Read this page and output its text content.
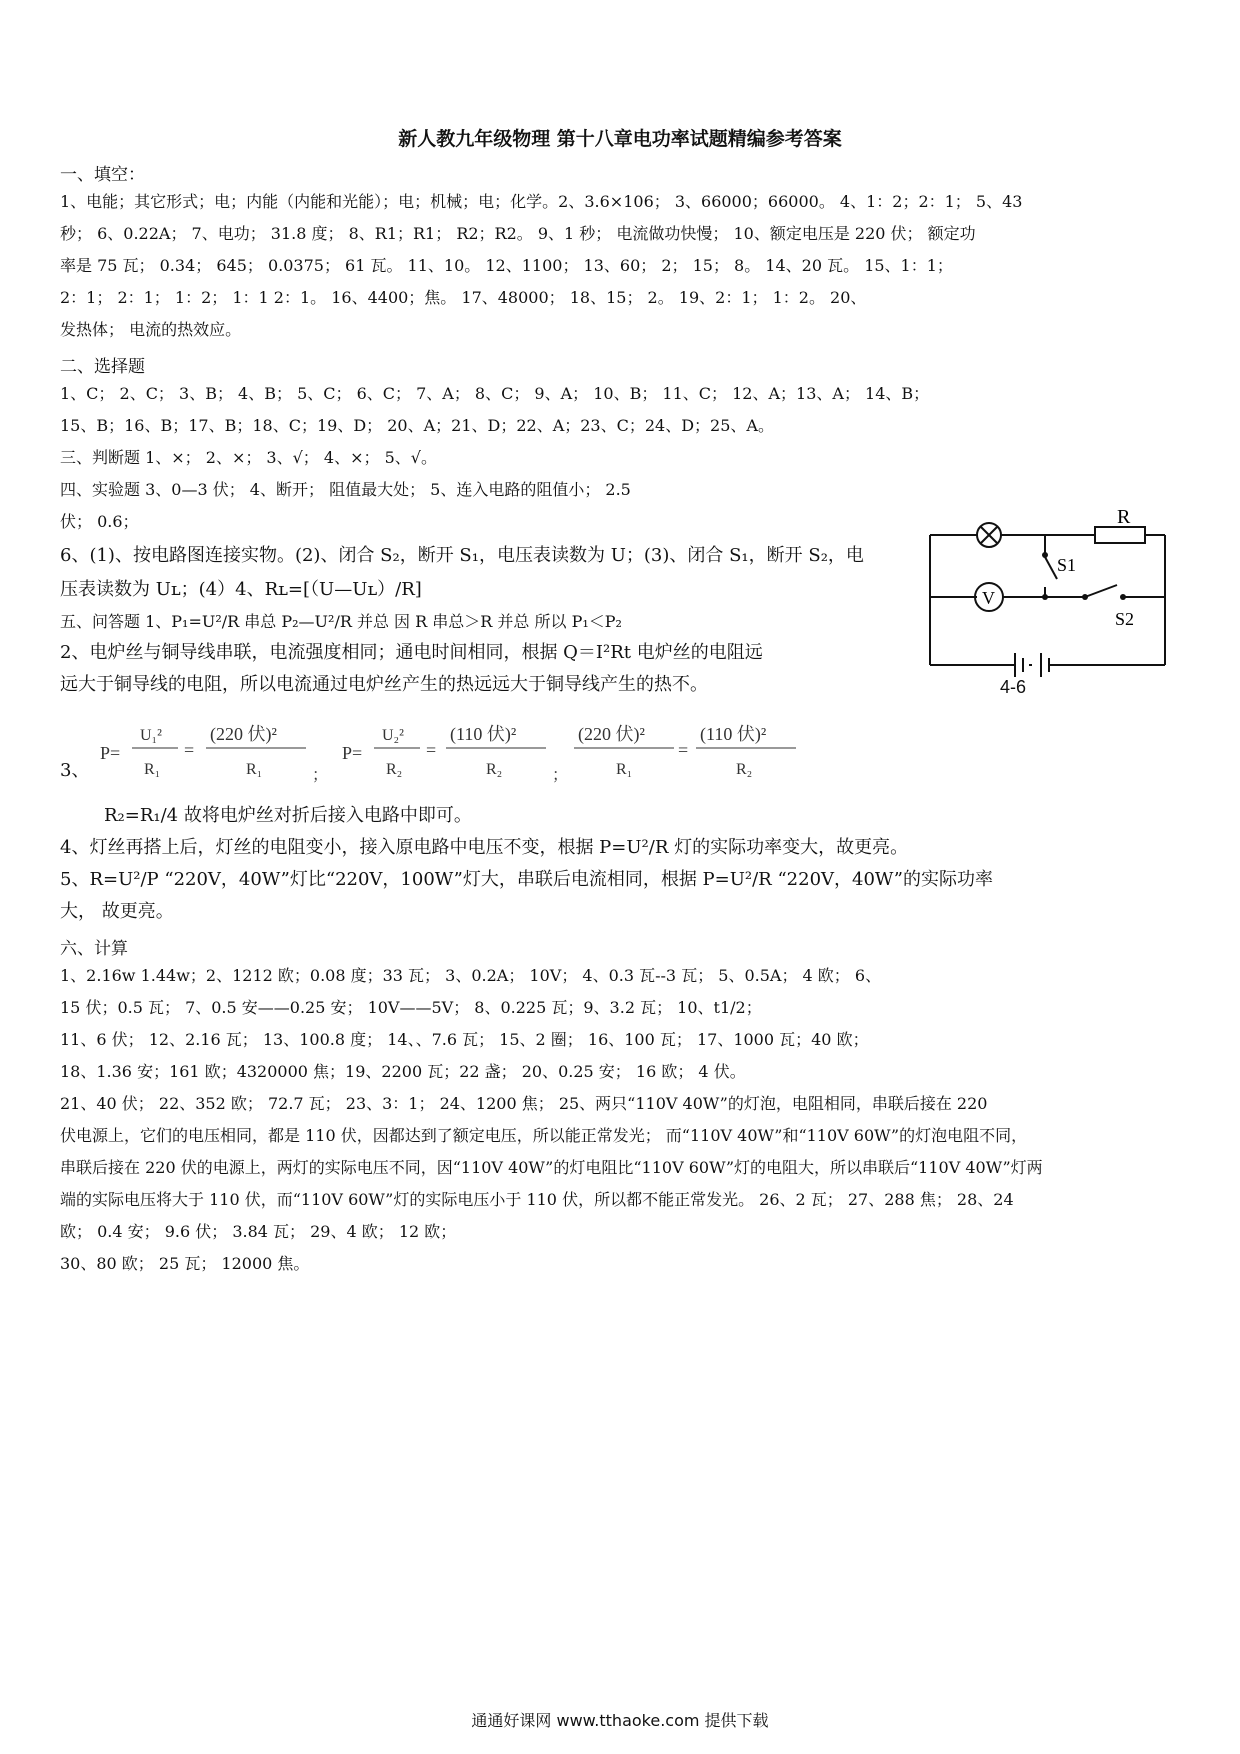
新人教九年级物理 第十八章电功率试题精编参考答案
一、填空：
1、电能；其它形式；电；内能（内能和光能）；电；机械；电；化学。2、3.6×106； 3、66000；66000。 4、1：2；2：1； 5、43
秒； 6、0.22A； 7、电功； 31.8 度； 8、R1；R1； R2；R2。 9、1 秒； 电流做功快慢； 10、额定电压是 220 伏； 额定功
率是 75 瓦； 0.34； 645； 0.0375； 61 瓦。 11、10。 12、1100； 13、60； 2； 15； 8。 14、20 瓦。 15、1：1；
2：1； 2：1； 1：2； 1：1 2：1。 16、4400；焦。 17、48000； 18、15； 2。 19、2：1； 1：2。 20、
发热体； 电流的热效应。
二、选择题
1、C； 2、C； 3、B； 4、B； 5、C； 6、C； 7、A； 8、C； 9、A； 10、B； 11、C； 12、A；13、A； 14、B；
15、B；16、B；17、B；18、C；19、D； 20、A；21、D；22、A；23、C；24、D；25、A。
三、判断题 1、×； 2、×； 3、√； 4、×； 5、√。
四、实验题 3、0—3 伏； 4、断开； 阻值最大处； 5、连入电路的阻值小； 2.5
伏； 0.6；
6、(1)、按电路图连接实物。(2)、闭合 S₂，断开 S₁，电压表读数为 U；(3)、闭合 S₁，断开 S₂，电
压表读数为 Uʟ；(4）4、Rʟ=[（U—Uʟ）/R]
R
S1
S2
V
4-6
五、问答题 1、P₁=U²/R 串总 P₂—U²/R 并总 因 R 串总＞R 并总 所以 P₁＜P₂
2、电炉丝与铜导线串联，电流强度相同；通电时间相同，根据 Q＝I²Rt 电炉丝的电阻远
远大于铜导线的电阻，所以电流通过电炉丝产生的热远远大于铜导线产生的热不。
3、
P=
U₁²
R₁
=
(220 伏)²
R₁	；
P=
U₂²
R₂
=
(110 伏)²
R₂	；
(220 伏)²
R₁
=
(110 伏)²
R₂
R₂=R₁/4 故将电炉丝对折后接入电路中即可。
4、灯丝再搭上后，灯丝的电阻变小，接入原电路中电压不变，根据 P=U²/R 灯的实际功率变大，故更亮。
5、R=U²/P “220V，40W”灯比“220V，100W”灯大，串联后电流相同，根据 P=U²/R “220V，40W”的实际功率
大， 故更亮。
六、计算
1、2.16w 1.44w；2、1212 欧；0.08 度；33 瓦； 3、0.2A； 10V； 4、0.3 瓦--3 瓦； 5、0.5A； 4 欧； 6、
15 伏；0.5 瓦； 7、0.5 安——0.25 安； 10V——5V； 8、0.225 瓦；9、3.2 瓦； 10、t1/2；
11、6 伏； 12、2.16 瓦； 13、100.8 度； 14、、7.6 瓦； 15、2 圈； 16、100 瓦； 17、1000 瓦；40 欧；
18、1.36 安；161 欧；4320000 焦；19、2200 瓦；22 盏； 20、0.25 安； 16 欧； 4 伏。
21、40 伏； 22、352 欧； 72.7 瓦； 23、3：1； 24、1200 焦； 25、两只“110V 40W”的灯泡，电阻相同，串联后接在 220
伏电源上，它们的电压相同，都是 110 伏，因都达到了额定电压，所以能正常发光； 而“110V 40W”和“110V 60W”的灯泡电阻不同，
串联后接在 220 伏的电源上，两灯的实际电压不同，因“110V 40W”的灯电阻比“110V 60W”灯的电阻大，所以串联后“110V 40W”灯两
端的实际电压将大于 110 伏，而“110V 60W”灯的实际电压小于 110 伏，所以都不能正常发光。 26、2 瓦； 27、288 焦； 28、24
欧； 0.4 安； 9.6 伏； 3.84 瓦； 29、4 欧； 12 欧；
30、80 欧； 25 瓦； 12000 焦。
通通好课网 www.tthaoke.com 提供下载
